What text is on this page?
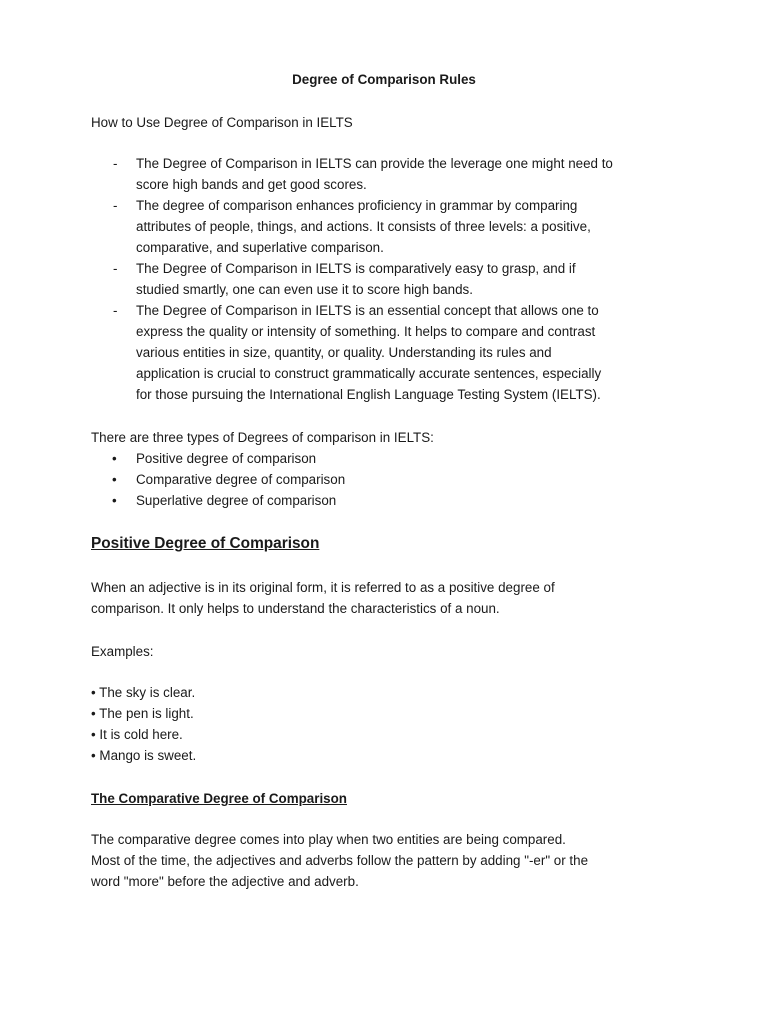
Degree of Comparison Rules
How to Use Degree of Comparison in IELTS
- The Degree of Comparison in IELTS can provide the leverage one might need to
score high bands and get good scores.
- The degree of comparison enhances proficiency in grammar by comparing
attributes of people, things, and actions. It consists of three levels: a positive,
comparative, and superlative comparison.
- The Degree of Comparison in IELTS is comparatively easy to grasp, and if
studied smartly, one can even use it to score high bands.
- The Degree of Comparison in IELTS is an essential concept that allows one to
express the quality or intensity of something. It helps to compare and contrast
various entities in size, quantity, or quality. Understanding its rules and
application is crucial to construct grammatically accurate sentences, especially
for those pursuing the International English Language Testing System (IELTS).
There are three types of Degrees of comparison in IELTS:
• Positive degree of comparison
• Comparative degree of comparison
• Superlative degree of comparison
Positive Degree of Comparison
When an adjective is in its original form, it is referred to as a positive degree of
comparison. It only helps to understand the characteristics of a noun.
Examples:
• The sky is clear.
• The pen is light.
• It is cold here.
• Mango is sweet.
The Comparative Degree of Comparison
The comparative degree comes into play when two entities are being compared.
Most of the time, the adjectives and adverbs follow the pattern by adding "-er" or the
word "more" before the adjective and adverb.
